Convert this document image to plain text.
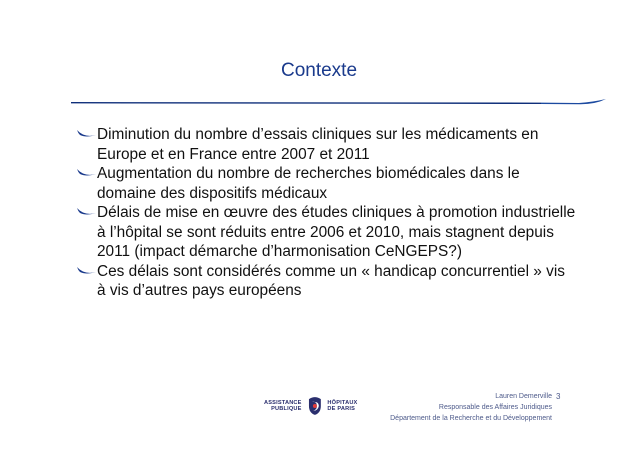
Contexte
Diminution du nombre d’essais cliniques sur les médicaments en Europe et en France entre 2007 et 2011
Augmentation du nombre de recherches biomédicales dans le domaine des dispositifs médicaux
Délais de mise en œuvre des études cliniques à promotion industrielle à l’hôpital se sont réduits entre 2006 et 2010, mais stagnent depuis 2011 (impact démarche d’harmonisation CeNGEPS?)
Ces délais sont considérés comme un « handicap concurrentiel » vis à vis d’autres pays européens
ASSISTANCE
PUBLIQUE
HÔPITAUX
DE PARIS
Lauren Demerville
Responsable des Affaires Juridiques
Département de la Recherche et du Développement
3
